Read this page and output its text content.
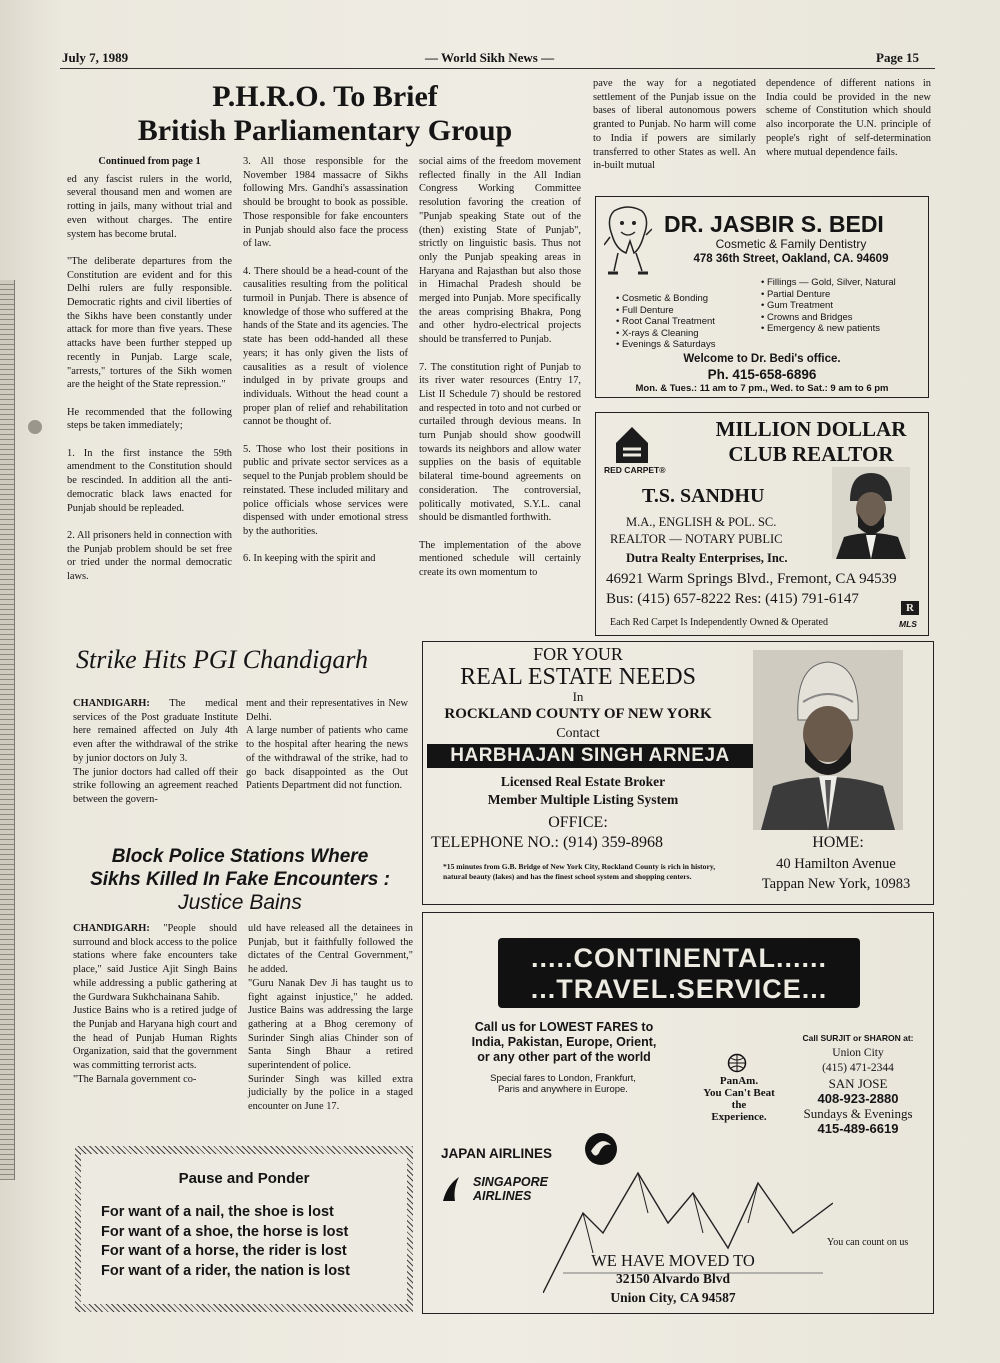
July 7, 1989	— World Sikh News —	Page 15
P.H.R.O. To Brief
British Parliamentary Group
Continued from page 1

ed any fascist rulers in the world, several thousand men and women are rotting in jails, many without trial and even without charges. The entire system has become brutal.

"The deliberate departures from the Constitution are evident and for this Delhi rulers are fully responsible. Democratic rights and civil liberties of the Sikhs have been constantly under attack for more than five years. These attacks have been further stepped up recently in Punjab. Large scale, "arrests," tortures of the Sikh women are the height of the State repression."

He recommended that the following steps be taken immediately;

1. In the first instance the 59th amendment to the Constitution should be rescinded. In addition all the anti-democratic black laws enacted for Punjab should be repleaded.

2. All prisoners held in connection with the Punjab problem should be set free or tried under the normal democratic laws.

3. All those responsible for the November 1984 massacre of Sikhs following Mrs. Gandhi's assassination should be brought to book as possible. Those responsible for fake encounters in Punjab should also face the process of law.

4. There should be a head-count of the causalities resulting from the political turmoil in Punjab. There is absence of knowledge of those who suffered at the hands of the State and its agencies. The state has been odd-handed all these years; it has only given the lists of causalities as a result of violence indulged in by private groups and individuals. Without the head count a proper plan of relief and rehabilitation cannot be thought of.

5. Those who lost their positions in public and private sector services as a sequel to the Punjab problem should be reinstated. These included military and police officials whose services were dispensed with under emotional stress by the authorities.

6. In keeping with the spirit and

social aims of the freedom movement reflected finally in the All Indian Congress Working Committee resolution favoring the creation of "Punjab speaking State out of the (then) existing State of Punjab", strictly on linguistic basis. Thus not only the Punjab speaking areas in Haryana and Rajasthan but also those in Himachal Pradesh should be merged into Punjab. More specifically the areas comprising Bhakra, Pong and other hydro-electrical projects should be transferred to Punjab.

7. The constitution right of Punjab to its river water resources (Entry 17, List II Schedule 7) should be restored and respected in toto and not curbed or curtailed through devious means. In turn Punjab should show goodwill towards its neighbors and allow water supplies on the basis of equitable bilateral time-bound agreements on consideration. The controversial, politically motivated, S.Y.L. canal should be dismantled forthwith.

The implementation of the above mentioned schedule will certainly create its own momentum to

pave the way for a negotiated settlement of the Punjab issue on the bases of liberal autonomous powers granted to Punjab. No harm will come to India if powers are similarly transferred to other States as well. An in-built mutual

dependence of different nations in India could be provided in the new scheme of Constitution which should also incorporate the U.N. principle of people's right of self-determination where mutual dependence fails.

Strike Hits PGI Chandigarh

CHANDIGARH: The medical services of the Post graduate Institute here remained affected on July 4th even after the withdrawal of the strike by junior doctors on July 3.
The junior doctors had called off their strike following an agreement reached between the govern-

ment and their representatives in New Delhi.
A large number of patients who came to the hospital after hearing the news of the withdrawal of the strike, had to go back disappointed as the Out Patients Department did not function.

Block Police Stations Where
Sikhs Killed In Fake Encounters :
Justice Bains

CHANDIGARH: "People should surround and block access to the police stations where fake encounters take place," said Justice Ajit Singh Bains while addressing a public gathering at the Gurdwara Sukhchainana Sahib.
Justice Bains who is a retired judge of the Punjab and Haryana high court and the head of Punjab Human Rights Organization, said that the government was committing terrorist acts.
"The Barnala government co-

uld have released all the detainees in Punjab, but it faithfully followed the dictates of the Central Government," he added.
"Guru Nanak Dev Ji has taught us to fight against injustice," he added. Justice Bains was addressing the large gathering at a Bhog ceremony of Surinder Singh alias Chinder son of Santa Singh Bhaur a retired superintendent of police.
Surinder Singh was killed extra judicially by the police in a staged encounter on June 17.

Pause and Ponder
For want of a nail, the shoe is lost
For want of a shoe, the horse is lost
For want of a horse, the rider is lost
For want of a rider, the nation is lost
DR. JASBIR S. BEDI
Cosmetic & Family Dentistry
478 36th Street, Oakland, CA. 94609
• Cosmetic & Bonding
• Full Denture
• Root Canal Treatment
• X-rays & Cleaning
• Evenings & Saturdays
• Fillings — Gold, Silver, Natural
• Partial Denture
• Gum Treatment
• Crowns and Bridges
• Emergency & new patients
Welcome to Dr. Bedi's office.
Ph. 415-658-6896
Mon. & Tues.: 11 am to 7 pm., Wed. to Sat.: 9 am to 6 pm
RED CARPET®
MILLION DOLLAR
CLUB REALTOR
T.S. SANDHU
M.A., ENGLISH & POL. SC.
REALTOR — NOTARY PUBLIC
Dutra Realty Enterprises, Inc.
46921 Warm Springs Blvd., Fremont, CA 94539
Bus: (415) 657-8222 Res: (415) 791-6147
Each Red Carpet Is Independently Owned & Operated
R
MLS
FOR YOUR
REAL ESTATE NEEDS
In
ROCKLAND COUNTY OF NEW YORK
Contact
HARBHAJAN SINGH ARNEJA
Licensed Real Estate Broker
Member Multiple Listing System
OFFICE:
TELEPHONE NO.: (914) 359-8968
*15 minutes from G.B. Bridge of New York City, Rockland County is rich in history, natural beauty (lakes) and has the finest school system and shopping centers.
HOME:
40 Hamilton Avenue
Tappan New York, 10983
.....CONTINENTAL......
...TRAVEL.SERVICE...
Call us for LOWEST FARES to
India, Pakistan, Europe, Orient,
or any other part of the world
Special fares to London, Frankfurt,
Paris and anywhere in Europe.
PanAm.
You Can't Beat
the
Experience.
Call SURJIT or SHARON at:
Union City
(415) 471-2344
SAN JOSE
408-923-2880
Sundays & Evenings
415-489-6619
JAPAN AIRLINES
SINGAPORE
AIRLINES
You can count on us
WE HAVE MOVED TO
32150 Alvardo Blvd
Union City, CA 94587
